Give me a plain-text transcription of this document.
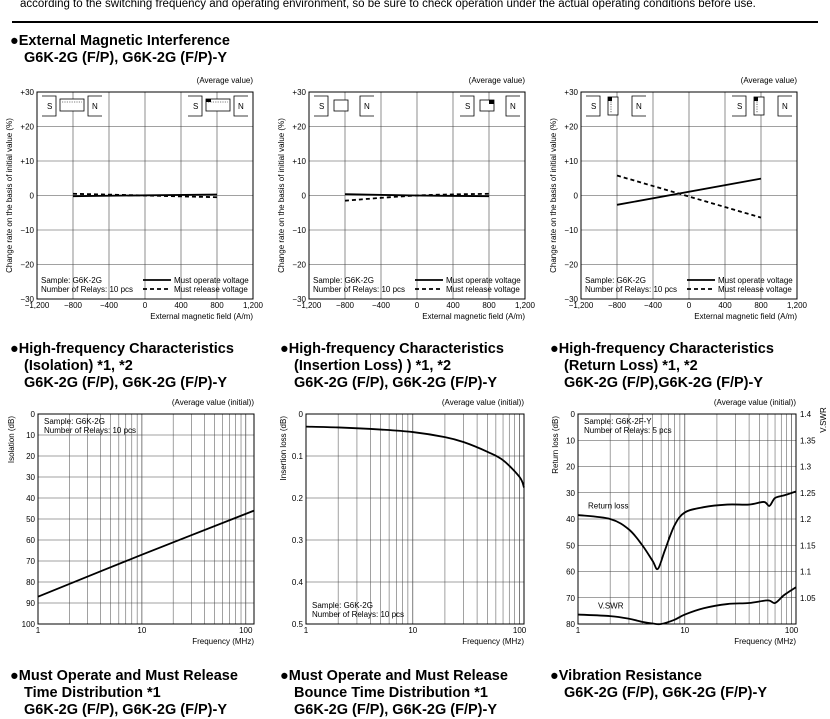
according to the switching frequency and operating environment, so be sure to check operation under the actual operating conditions before use.
●External Magnetic Interference
G6K-2G (F/P), G6K-2G (F/P)-Y
●High-frequency Characteristics
(Isolation) *1, *2
G6K-2G (F/P), G6K-2G (F/P)-Y
●High-frequency Characteristics
(Insertion Loss) ) *1, *2
G6K-2G (F/P), G6K-2G (F/P)-Y
●High-frequency Characteristics
(Return Loss) *1, *2
G6K-2G (F/P),G6K-2G (F/P)-Y
●Must Operate and Must Release
Time Distribution *1
G6K-2G (F/P), G6K-2G (F/P)-Y
●Must Operate and Must Release
Bounce Time Distribution *1
G6K-2G (F/P), G6K-2G (F/P)-Y
●Vibration Resistance
G6K-2G (F/P), G6K-2G (F/P)-Y
(Average value)
−1,200 −800 −400	0	400	800 1,200
−30
−20
−10
0
+10
+20
+30
External magnetic field (A/m)
Change rate on the basis of initial value (%)
Sample: G6K-2G
Number of Relays: 10 pcs
Must operate voltage
Must release voltage
S	N	S	N
(Average value)
−1,200 −800 −400	0	400	800 1,200
−30
−20
−10
0
+10
+20
+30
External magnetic field (A/m)
Change rate on the basis of initial value (%)
Sample: G6K-2G
Number of Relays: 10 pcs
Must operate voltage
Must release voltage
S	N	S	N
(Average value)
−1,200 −800 −400	0	400	800 1,200
−30
−20
−10
0
+10
+20
+30
External magnetic field (A/m)
Change rate on the basis of initial value (%)
Sample: G6K-2G
Number of Relays: 10 pcs
Must operate voltage
Must release voltage
S	N	S	N
(Average value (initial))
1	10	100
0
10
20
30
40
50
60
70
80
90
100
Frequency (MHz)
Isolation (dB)	Sample: G6K-2G
Number of Relays: 10 pcs
(Average value (initial))
1	10	100
0
0.1
0.2
0.3
0.4
0.5
Frequency (MHz)
Insertion loss (dB)
Sample: G6K-2G
Number of Relays: 10 pcs
(Average value (initial))
1	10	100
0
10
20
30
40
50
60
70
80
1.4
1.35
1.3
1.25
1.2
1.15
1.1
1.05
V.SWR
Frequency (MHz)
Return loss (dB)	Sample: G6K-2F-Y
Number of Relays: 5 pcs
Return loss
V.SWR
